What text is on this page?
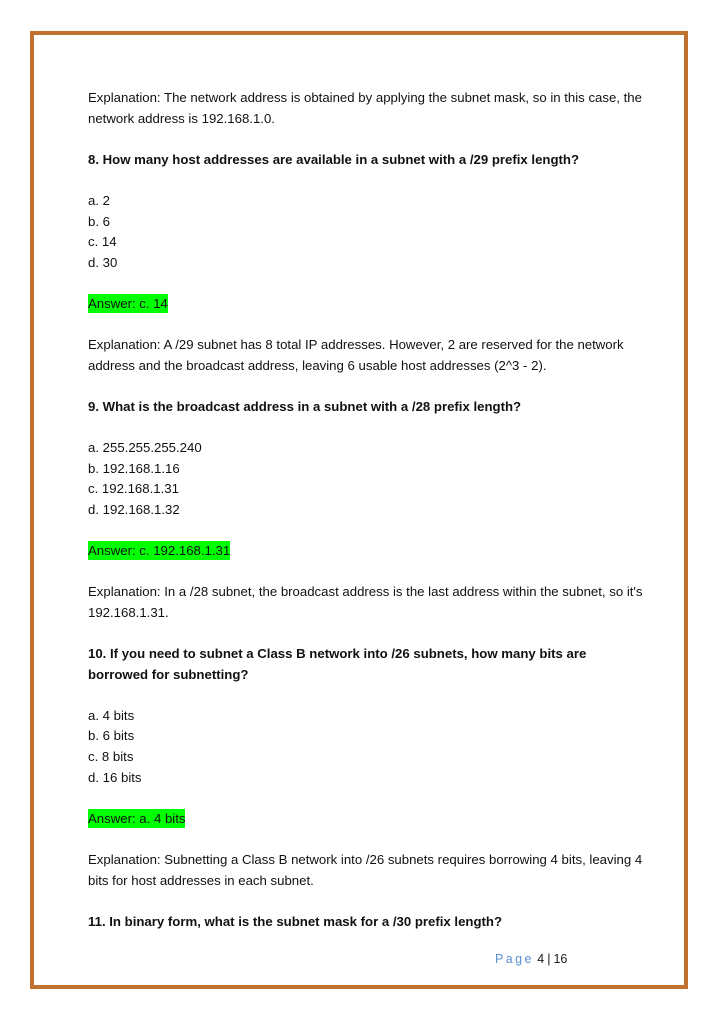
Explanation: The network address is obtained by applying the subnet mask, so in this case, the network address is 192.168.1.0.

8. How many host addresses are available in a subnet with a /29 prefix length?

a. 2
b. 6
c. 14
d. 30
Answer: c. 14

Explanation: A /29 subnet has 8 total IP addresses. However, 2 are reserved for the network address and the broadcast address, leaving 6 usable host addresses (2^3 - 2).

9. What is the broadcast address in a subnet with a /28 prefix length?

a. 255.255.255.240
b. 192.168.1.16
c. 192.168.1.31
d. 192.168.1.32
Answer: c. 192.168.1.31

Explanation: In a /28 subnet, the broadcast address is the last address within the subnet, so it's 192.168.1.31.

10. If you need to subnet a Class B network into /26 subnets, how many bits are borrowed for subnetting?

a. 4 bits
b. 6 bits
c. 8 bits
d. 16 bits
Answer: a. 4 bits

Explanation: Subnetting a Class B network into /26 subnets requires borrowing 4 bits, leaving 4 bits for host addresses in each subnet.

11. In binary form, what is the subnet mask for a /30 prefix length?

Page 4 | 16
